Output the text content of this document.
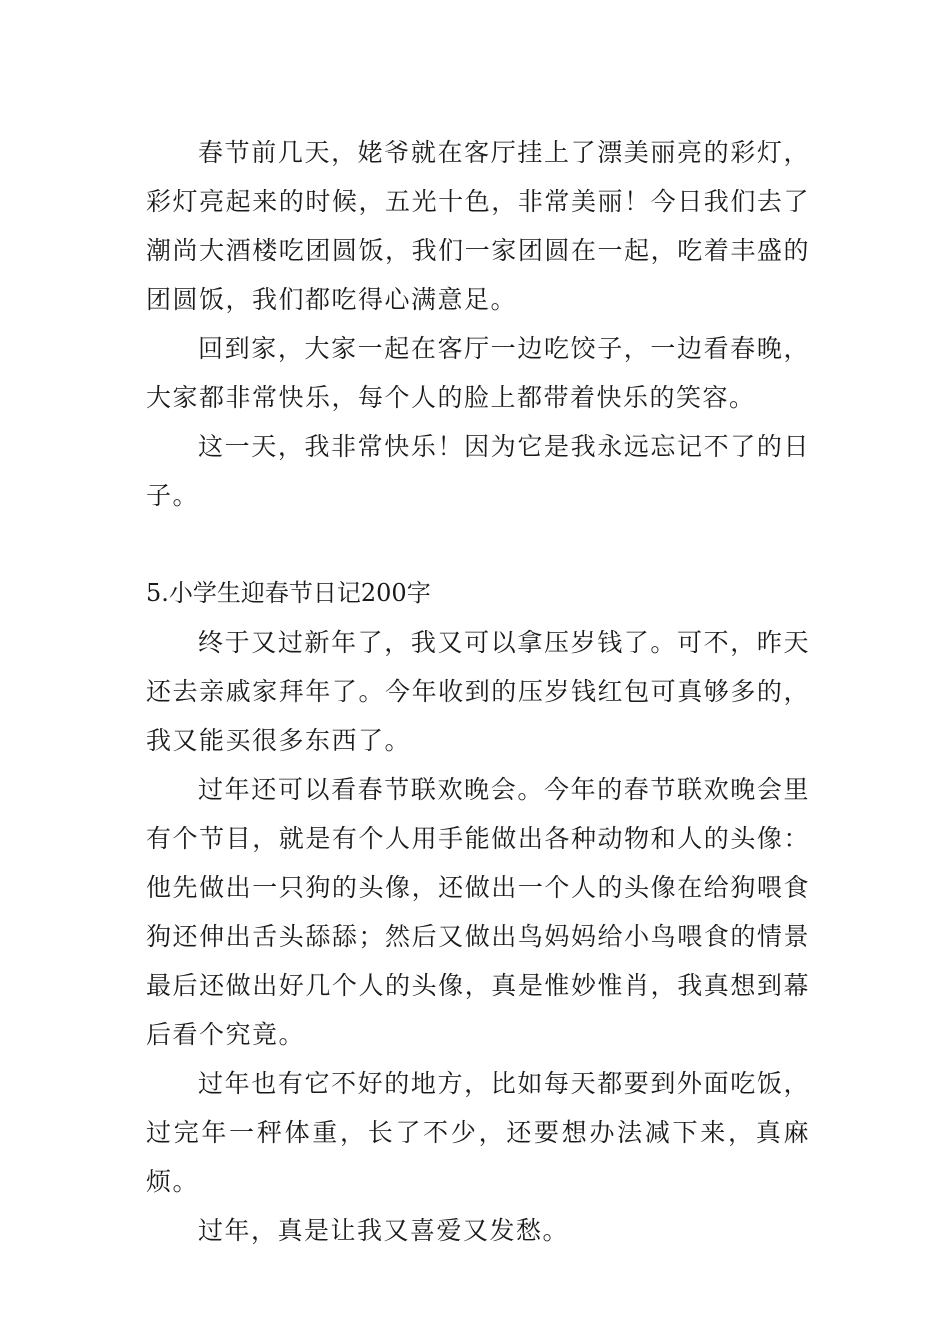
春节前几天，姥爷就在客厅挂上了漂美丽亮的彩灯，彩灯亮起来的时候，五光十色，非常美丽！今日我们去了潮尚大酒楼吃团圆饭，我们一家团圆在一起，吃着丰盛的团圆饭，我们都吃得心满意足。

回到家，大家一起在客厅一边吃饺子，一边看春晚，大家都非常快乐，每个人的脸上都带着快乐的笑容。

这一天，我非常快乐！因为它是我永远忘记不了的日子。

5.小学生迎春节日记200字

终于又过新年了，我又可以拿压岁钱了。可不，昨天还去亲戚家拜年了。今年收到的压岁钱红包可真够多的，我又能买很多东西了。

过年还可以看春节联欢晚会。今年的春节联欢晚会里有个节目，就是有个人用手能做出各种动物和人的头像：他先做出一只狗的头像，还做出一个人的头像在给狗喂食狗还伸出舌头舔舔；然后又做出鸟妈妈给小鸟喂食的情景最后还做出好几个人的头像，真是惟妙惟肖，我真想到幕后看个究竟。

过年也有它不好的地方，比如每天都要到外面吃饭，过完年一秤体重，长了不少，还要想办法减下来，真麻烦。

过年，真是让我又喜爱又发愁。
